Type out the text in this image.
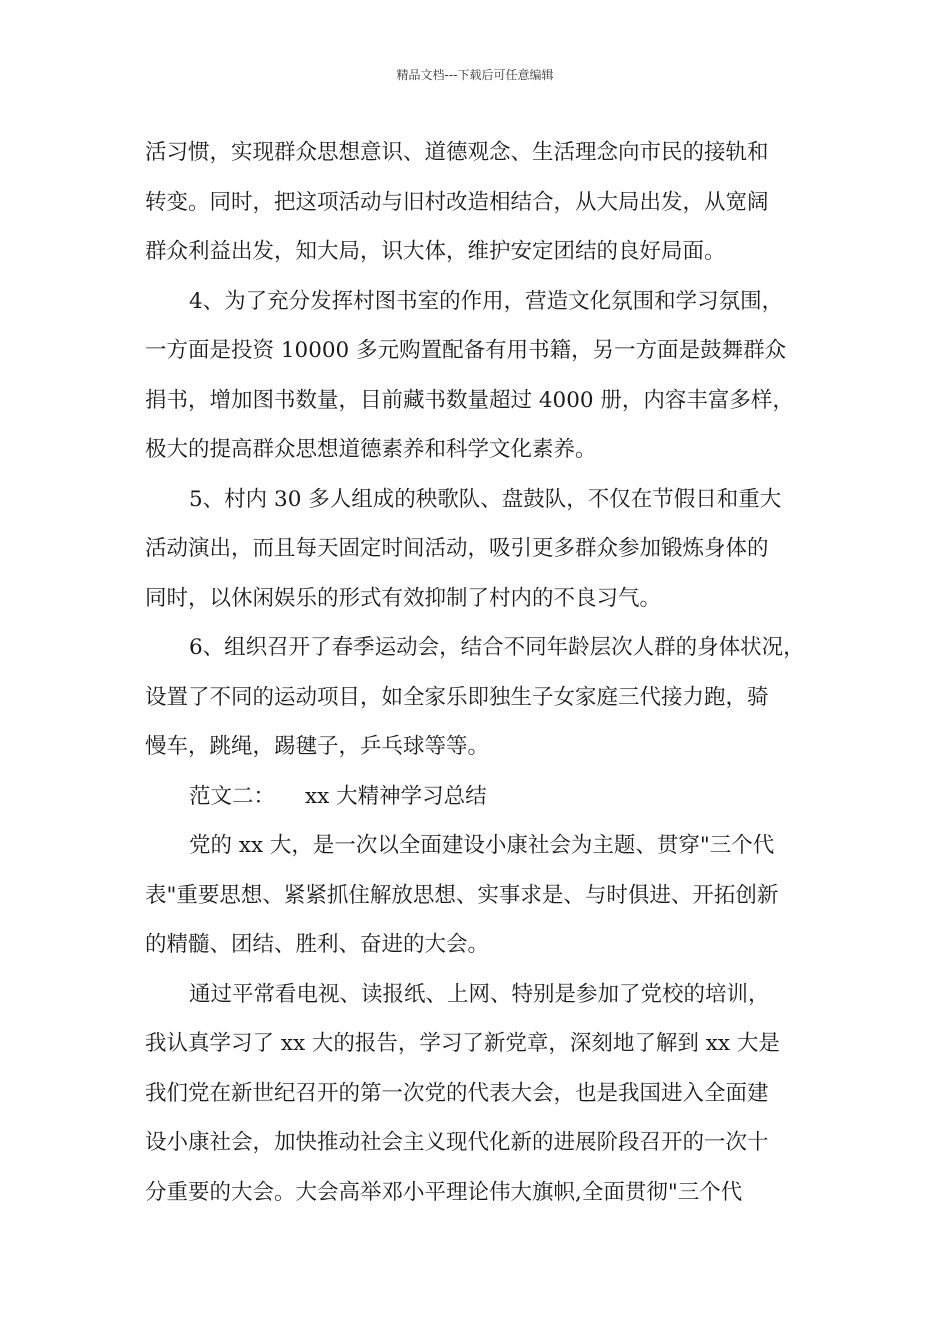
精品文档---下载后可任意编辑
活习惯，实现群众思想意识、道德观念、生活理念向市民的接轨和
转变。同时，把这项活动与旧村改造相结合，从大局出发，从宽阔
群众利益出发，知大局，识大体，维护安定团结的良好局面。
4、为了充分发挥村图书室的作用，营造文化氛围和学习氛围，
一方面是投资 10000 多元购置配备有用书籍，另一方面是鼓舞群众
捐书，增加图书数量，目前藏书数量超过 4000 册，内容丰富多样，
极大的提高群众思想道德素养和科学文化素养。
5、村内 30 多人组成的秧歌队、盘鼓队，不仅在节假日和重大
活动演出，而且每天固定时间活动，吸引更多群众参加锻炼身体的
同时，以休闲娱乐的形式有效抑制了村内的不良习气。
6、组织召开了春季运动会，结合不同年龄层次人群的身体状况，
设置了不同的运动项目，如全家乐即独生子女家庭三代接力跑，骑
慢车，跳绳，踢毽子，乒乓球等等。
范文二： xx 大精神学习总结
党的 xx 大，是一次以全面建设小康社会为主题、贯穿"三个代
表"重要思想、紧紧抓住解放思想、实事求是、与时俱进、开拓创新
的精髓、团结、胜利、奋进的大会。
通过平常看电视、读报纸、上网、特别是参加了党校的培训，
我认真学习了 xx 大的报告，学习了新党章，深刻地了解到 xx 大是
我们党在新世纪召开的第一次党的代表大会，也是我国进入全面建
设小康社会，加快推动社会主义现代化新的进展阶段召开的一次十
分重要的大会。大会高举邓小平理论伟大旗帜,全面贯彻"三个代
